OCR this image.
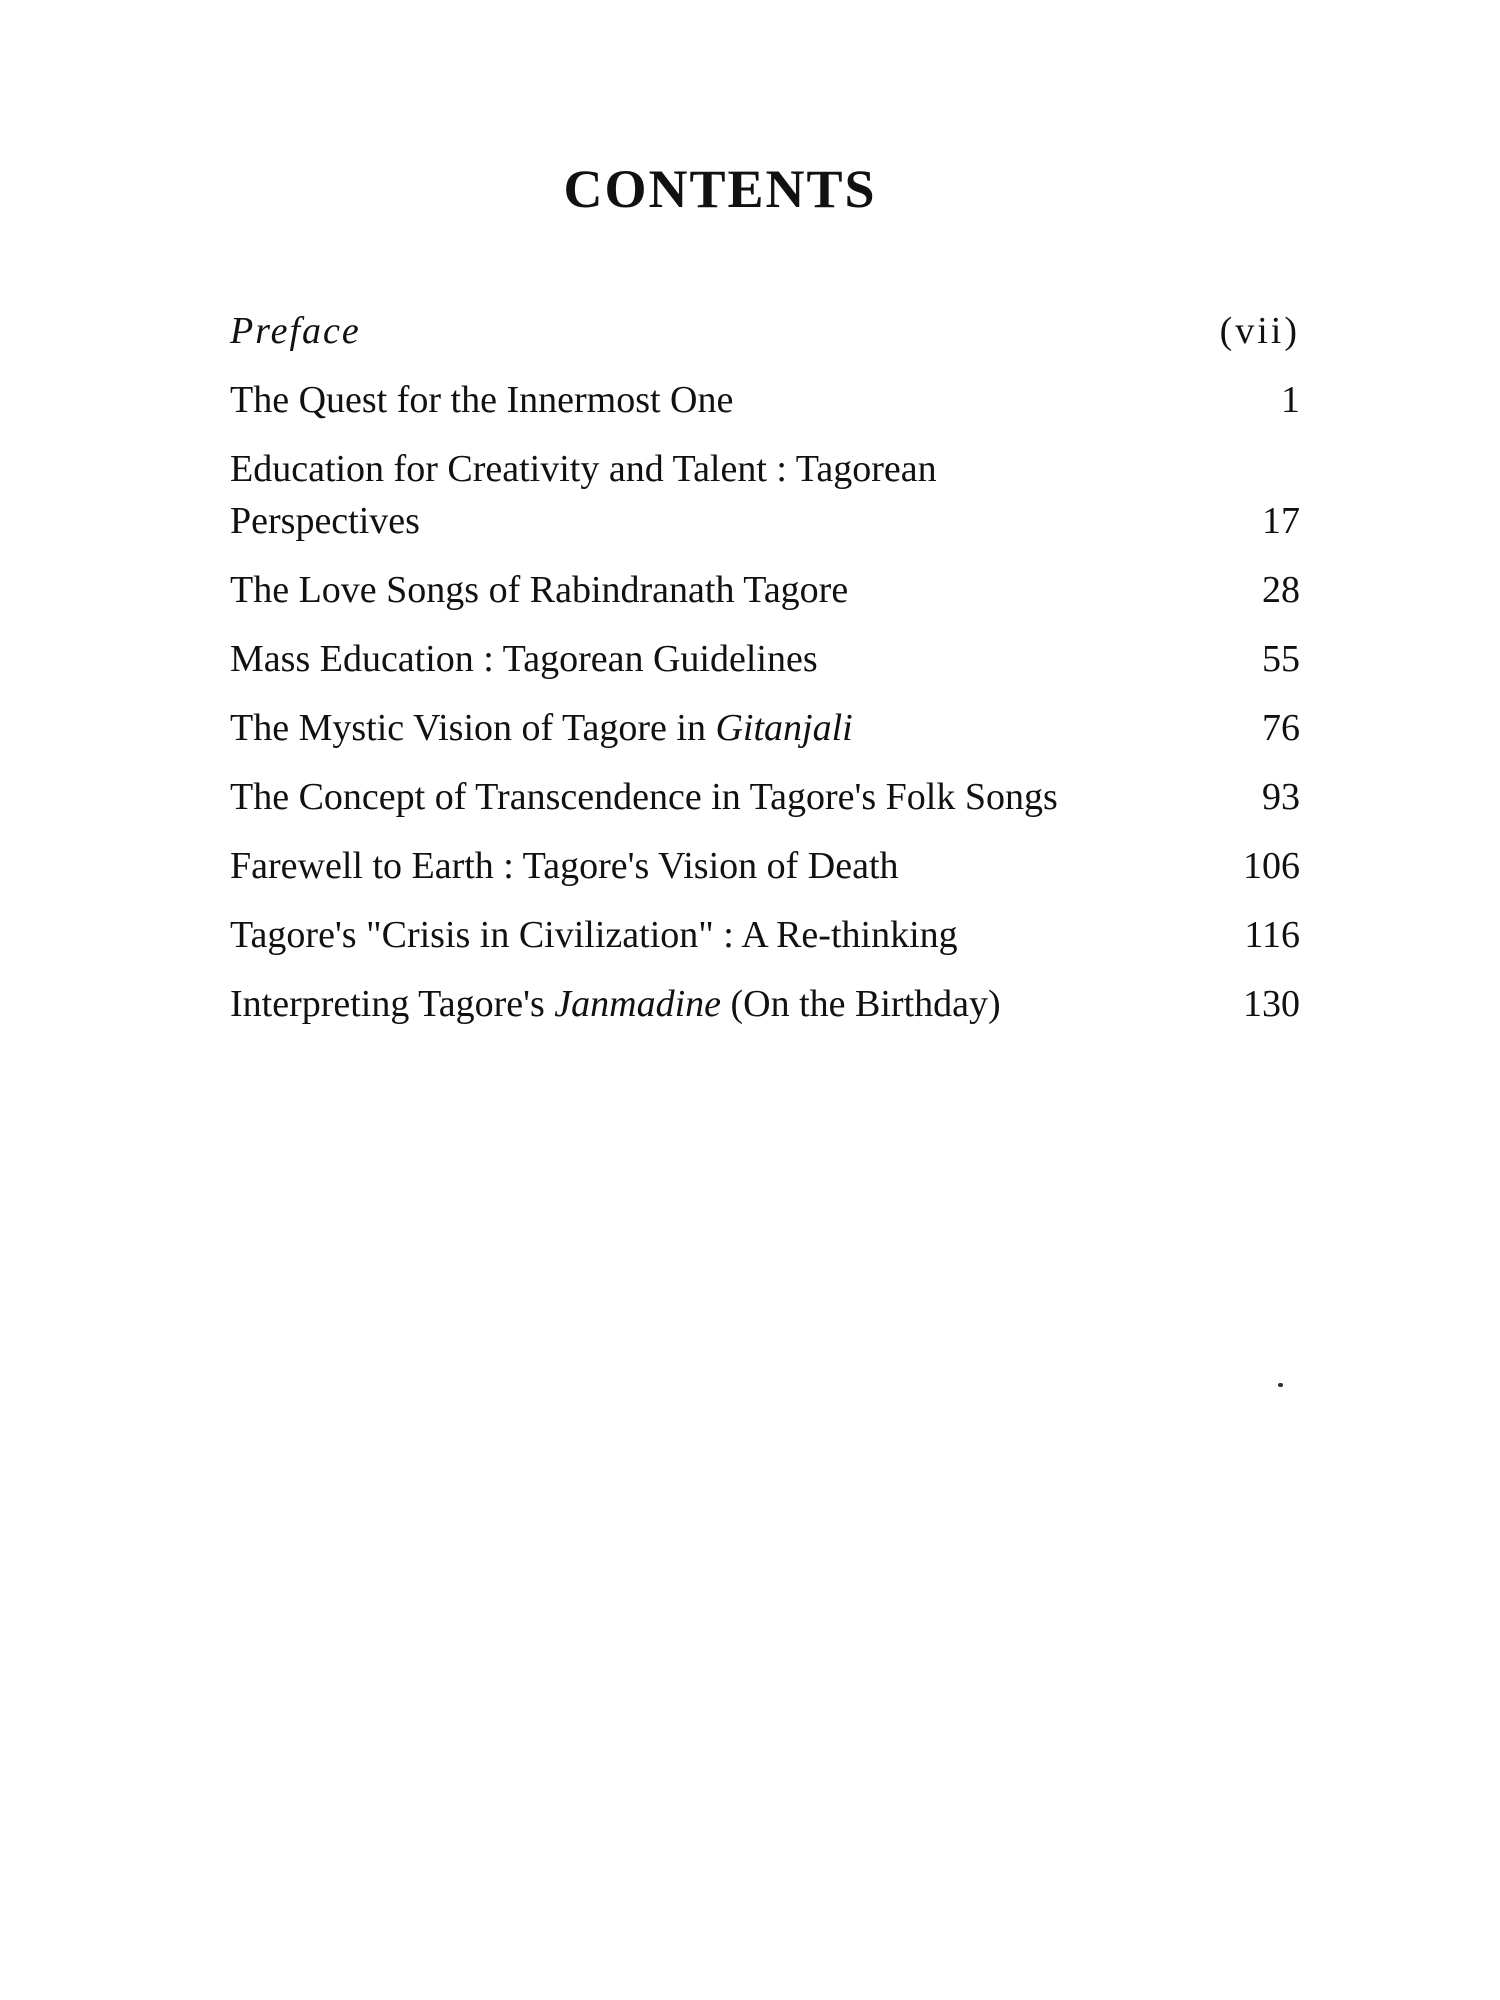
CONTENTS
Preface	(vii)
The Quest for the Innermost One	1
Education for Creativity and Talent : Tagorean
Perspectives	17
The Love Songs of Rabindranath Tagore	28
Mass Education : Tagorean Guidelines	55
The Mystic Vision of Tagore in Gitanjali	76
The Concept of Transcendence in Tagore's Folk Songs	93
Farewell to Earth : Tagore's Vision of Death	106
Tagore's "Crisis in Civilization" : A Re-thinking	116
Interpreting Tagore's Janmadine (On the Birthday)	130
